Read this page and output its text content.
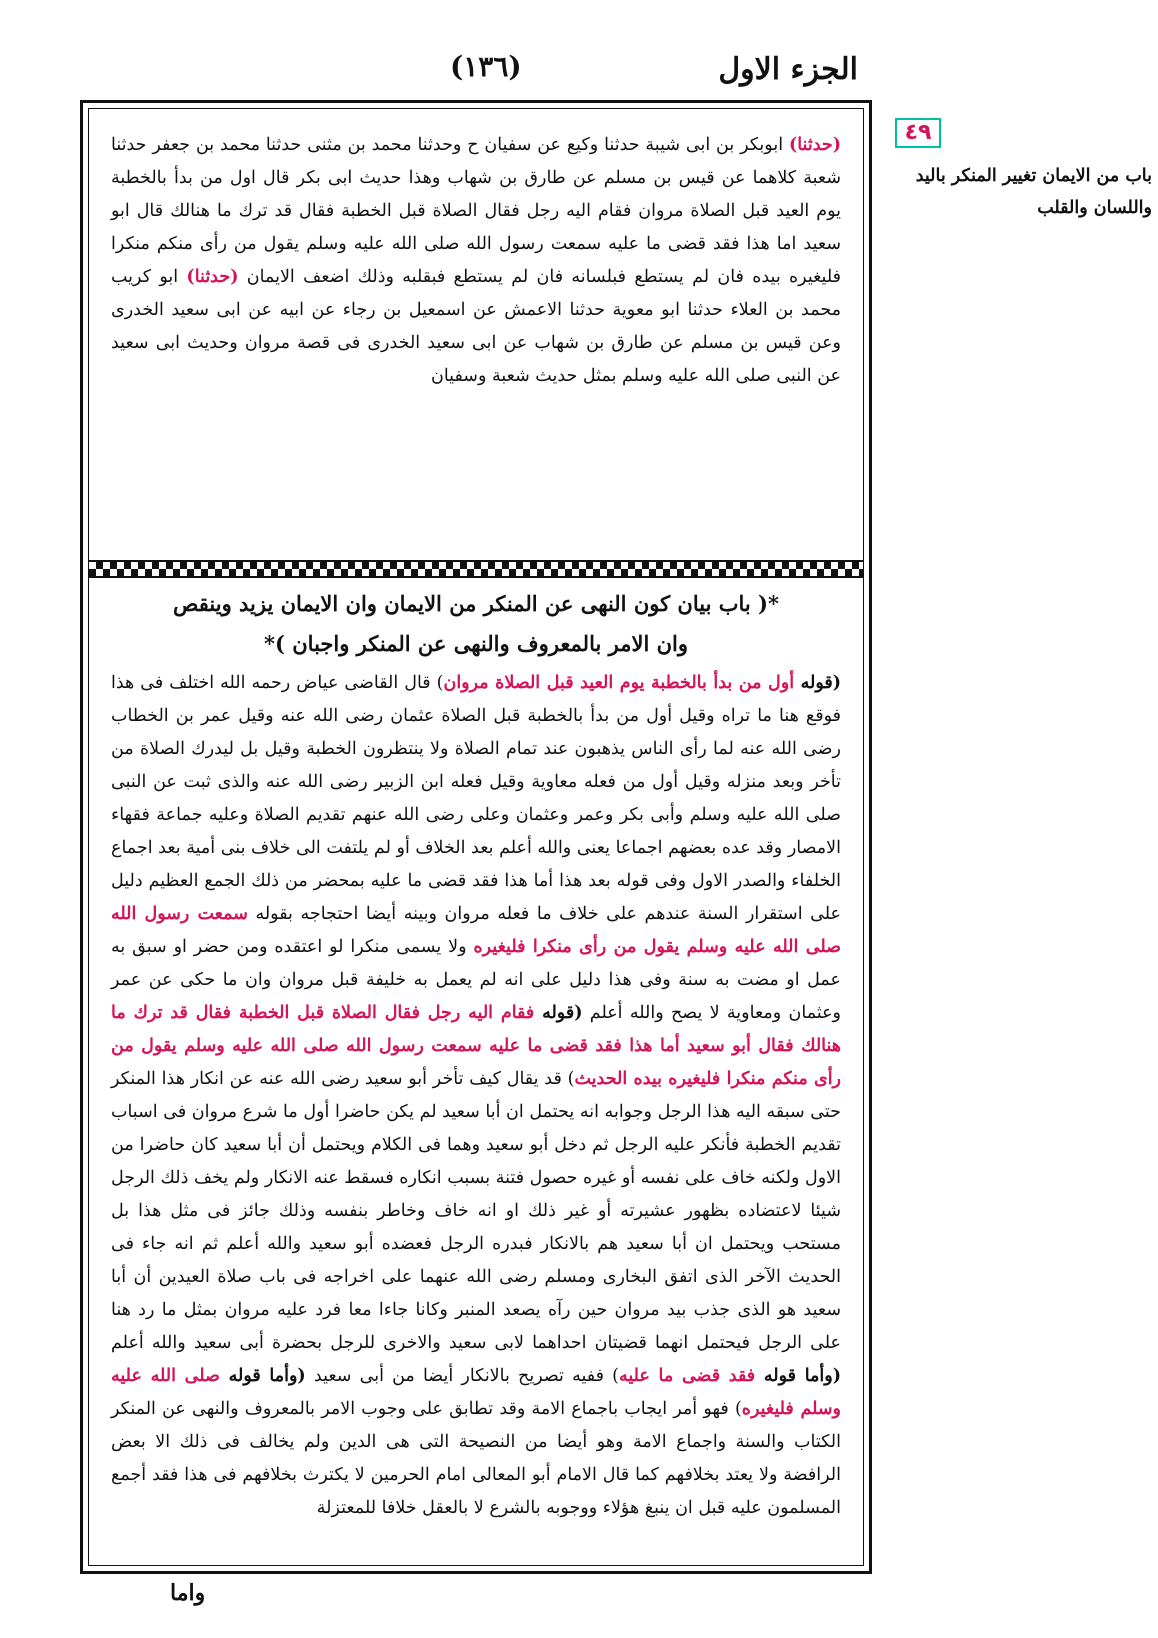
الجزء الاول
(١٣٦)
٤٩
باب من الايمان تغيير المنكر باليد واللسان والقلب

(حدثنا) ابوبكر بن ابى شيبة حدثنا وكيع عن سفيان ح وحدثنا محمد بن مثنى حدثنا محمد بن جعفر حدثنا شعبة كلاهما عن قيس بن مسلم عن طارق بن شهاب وهذا حديث ابى بكر قال اول من بدأ بالخطبة يوم العيد قبل الصلاة مروان فقام اليه رجل فقال الصلاة قبل الخطبة فقال قد ترك ما هنالك قال ابو سعيد اما هذا فقد قضى ما عليه سمعت رسول الله صلى الله عليه وسلم يقول من رأى منكم منكرا فليغيره بيده فان لم يستطع فبلسانه فان لم يستطع فبقلبه وذلك اضعف الايمان (حدثنا) ابو كريب محمد بن العلاء حدثنا ابو معوية حدثنا الاعمش عن اسمعيل بن رجاء عن ابيه عن ابى سعيد الخدرى وعن قيس بن مسلم عن طارق بن شهاب عن ابى سعيد الخدرى فى قصة مروان وحديث ابى سعيد عن النبى صلى الله عليه وسلم بمثل حديث شعبة وسفيان

*( باب بيان كون النهى عن المنكر من الايمان وان الايمان يزيد وينقص
وان الامر بالمعروف والنهى عن المنكر واجبان )*

(قوله أول من بدأ بالخطبة يوم العيد قبل الصلاة مروان) قال القاضى عياض رحمه الله اختلف فى هذا فوقع هنا ما تراه وقيل أول من بدأ بالخطبة قبل الصلاة عثمان رضى الله عنه وقيل عمر بن الخطاب رضى الله عنه لما رأى الناس يذهبون عند تمام الصلاة ولا ينتظرون الخطبة وقيل بل ليدرك الصلاة من تأخر وبعد منزله وقيل أول من فعله معاوية وقيل فعله ابن الزبير رضى الله عنه والذى ثبت عن النبى صلى الله عليه وسلم وأبى بكر وعمر وعثمان وعلى رضى الله عنهم تقديم الصلاة وعليه جماعة فقهاء الامصار وقد عده بعضهم اجماعا يعنى والله أعلم بعد الخلاف أو لم يلتفت الى خلاف بنى أمية بعد اجماع الخلفاء والصدر الاول وفى قوله بعد هذا أما هذا فقد قضى ما عليه بمحضر من ذلك الجمع العظيم دليل على استقرار السنة عندهم على خلاف ما فعله مروان وبينه أيضا احتجاجه بقوله سمعت رسول الله صلى الله عليه وسلم يقول من رأى منكرا فليغيره ولا يسمى منكرا لو اعتقده ومن حضر او سبق به عمل او مضت به سنة وفى هذا دليل على انه لم يعمل به خليفة قبل مروان وان ما حكى عن عمر وعثمان ومعاوية لا يصح والله أعلم (قوله فقام اليه رجل فقال الصلاة قبل الخطبة فقال قد ترك ما هنالك فقال أبو سعيد أما هذا فقد قضى ما عليه سمعت رسول الله صلى الله عليه وسلم يقول من رأى منكم منكرا فليغيره بيده الحديث) قد يقال كيف تأخر أبو سعيد رضى الله عنه عن انكار هذا المنكر حتى سبقه اليه هذا الرجل وجوابه انه يحتمل ان أبا سعيد لم يكن حاضرا أول ما شرع مروان فى اسباب تقديم الخطبة فأنكر عليه الرجل ثم دخل أبو سعيد وهما فى الكلام ويحتمل أن أبا سعيد كان حاضرا من الاول ولكنه خاف على نفسه أو غيره حصول فتنة بسبب انكاره فسقط عنه الانكار ولم يخف ذلك الرجل شيئا لاعتضاده بظهور عشيرته أو غير ذلك او انه خاف وخاطر بنفسه وذلك جائز فى مثل هذا بل مستحب ويحتمل ان أبا سعيد هم بالانكار فبدره الرجل فعضده أبو سعيد والله أعلم ثم انه جاء فى الحديث الآخر الذى اتفق البخارى ومسلم رضى الله عنهما على اخراجه فى باب صلاة العيدين أن أبا سعيد هو الذى جذب بيد مروان حين رآه يصعد المنبر وكانا جاءا معا فرد عليه مروان بمثل ما رد هنا على الرجل فيحتمل انهما قضيتان احداهما لابى سعيد والاخرى للرجل بحضرة أبى سعيد والله أعلم (وأما قوله فقد قضى ما عليه) ففيه تصريح بالانكار أيضا من أبى سعيد (وأما قوله صلى الله عليه وسلم فليغيره) فهو أمر ايجاب باجماع الامة وقد تطابق على وجوب الامر بالمعروف والنهى عن المنكر الكتاب والسنة واجماع الامة وهو أيضا من النصيحة التى هى الدين ولم يخالف فى ذلك الا بعض الرافضة ولا يعتد بخلافهم كما قال الامام أبو المعالى امام الحرمين لا يكترث بخلافهم فى هذا فقد أجمع المسلمون عليه قبل ان ينبغ هؤلاء ووجوبه بالشرع لا بالعقل خلافا للمعتزلة

واما
